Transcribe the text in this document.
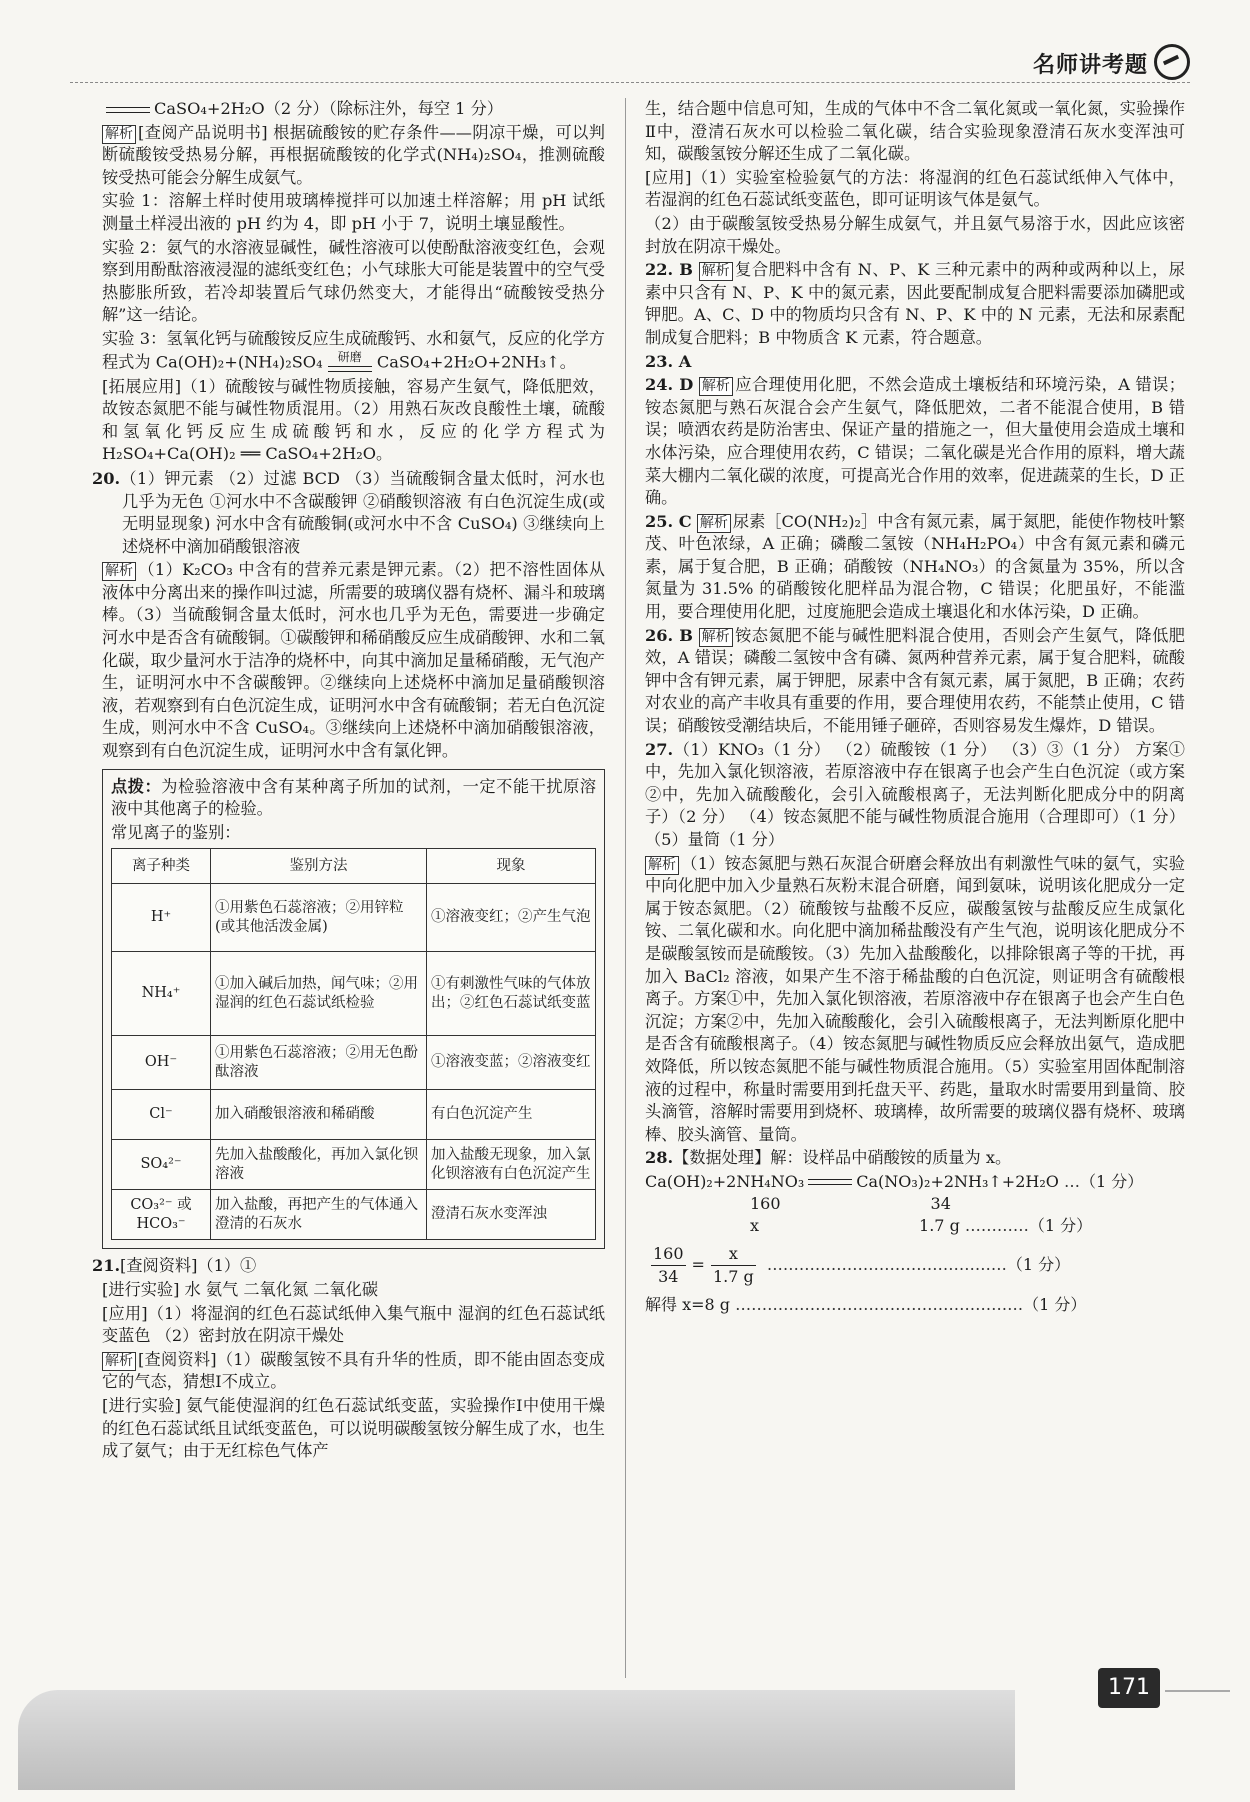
名师讲考题

CaSO₄+2H₂O（2 分）（除标注外，每空 1 分）

解析 [查阅产品说明书] 根据硫酸铵的贮存条件——阴凉干燥，可以判断硫酸铵受热易分解，再根据硫酸铵的化学式(NH₄)₂SO₄，推测硫酸铵受热可能会分解生成氨气。

实验 1：溶解土样时使用玻璃棒搅拌可以加速土样溶解；用 pH 试纸测量土样浸出液的 pH 约为 4，即 pH 小于 7，说明土壤显酸性。

实验 2：氨气的水溶液显碱性，碱性溶液可以使酚酞溶液变红色，会观察到用酚酞溶液浸湿的滤纸变红色；小气球胀大可能是装置中的空气受热膨胀所致，若冷却装置后气球仍然变大，才能得出“硫酸铵受热分解”这一结论。

实验 3：氢氧化钙与硫酸铵反应生成硫酸钙、水和氨气，反应的化学方程式为 Ca(OH)₂+(NH₄)₂SO₄ 研磨 CaSO₄+2H₂O+2NH₃↑。

[拓展应用]（1）硫酸铵与碱性物质接触，容易产生氨气，降低肥效，故铵态氮肥不能与碱性物质混用。（2）用熟石灰改良酸性土壤，硫酸和氢氧化钙反应生成硫酸钙和水，反应的化学方程式为 H₂SO₄+Ca(OH)₂ ══ CaSO₄+2H₂O。

20.（1）钾元素 （2）过滤 BCD （3）当硫酸铜含量太低时，河水也几乎为无色 ①河水中不含碳酸钾 ②硝酸钡溶液 有白色沉淀生成(或无明显现象) 河水中含有硫酸铜(或河水中不含 CuSO₄) ③继续向上述烧杯中滴加硝酸银溶液

解析 （1）K₂CO₃ 中含有的营养元素是钾元素。（2）把不溶性固体从液体中分离出来的操作叫过滤，所需要的玻璃仪器有烧杯、漏斗和玻璃棒。（3）当硫酸铜含量太低时，河水也几乎为无色，需要进一步确定河水中是否含有硫酸铜。①碳酸钾和稀硝酸反应生成硝酸钾、水和二氧化碳，取少量河水于洁净的烧杯中，向其中滴加足量稀硝酸，无气泡产生，证明河水中不含碳酸钾。②继续向上述烧杯中滴加足量硝酸钡溶液，若观察到有白色沉淀生成，证明河水中含有硫酸铜；若无白色沉淀生成，则河水中不含 CuSO₄。③继续向上述烧杯中滴加硝酸银溶液，观察到有白色沉淀生成，证明河水中含有氯化钾。

点拨：为检验溶液中含有某种离子所加的试剂，一定不能干扰原溶液中其他离子的检验。

常见离子的鉴别：

离子种类	鉴别方法	现象
H⁺	①用紫色石蕊溶液；②用锌粒(或其他活泼金属)	①溶液变红；②产生气泡
NH₄⁺	①加入碱后加热，闻气味；②用湿润的红色石蕊试纸检验	①有刺激性气味的气体放出；②红色石蕊试纸变蓝
OH⁻	①用紫色石蕊溶液；②用无色酚酞溶液	①溶液变蓝；②溶液变红
Cl⁻	加入硝酸银溶液和稀硝酸	有白色沉淀产生
SO₄²⁻	先加入盐酸酸化，再加入氯化钡溶液	加入盐酸无现象，加入氯化钡溶液有白色沉淀产生
CO₃²⁻ 或 HCO₃⁻	加入盐酸，再把产生的气体通入澄清的石灰水	澄清石灰水变浑浊

21.[查阅资料]（1）①

[进行实验] 水 氨气 二氧化氮 二氧化碳

[应用]（1）将湿润的红色石蕊试纸伸入集气瓶中 湿润的红色石蕊试纸变蓝色 （2）密封放在阴凉干燥处

解析 [查阅资料]（1）碳酸氢铵不具有升华的性质，即不能由固态变成它的气态，猜想Ⅰ不成立。

[进行实验] 氨气能使湿润的红色石蕊试纸变蓝，实验操作Ⅰ中使用干燥的红色石蕊试纸且试纸变蓝色，可以说明碳酸氢铵分解生成了水，也生成了氨气；由于无红棕色气体产

生，结合题中信息可知，生成的气体中不含二氧化氮或一氧化氮，实验操作Ⅱ中，澄清石灰水可以检验二氧化碳，结合实验现象澄清石灰水变浑浊可知，碳酸氢铵分解还生成了二氧化碳。

[应用]（1）实验室检验氨气的方法：将湿润的红色石蕊试纸伸入气体中，若湿润的红色石蕊试纸变蓝色，即可证明该气体是氨气。

（2）由于碳酸氢铵受热易分解生成氨气，并且氨气易溶于水，因此应该密封放在阴凉干燥处。

22. B 解析 复合肥料中含有 N、P、K 三种元素中的两种或两种以上，尿素中只含有 N、P、K 中的氮元素，因此要配制成复合肥料需要添加磷肥或钾肥。A、C、D 中的物质均只含有 N、P、K 中的 N 元素，无法和尿素配制成复合肥料；B 中物质含 K 元素，符合题意。

23. A

24. D 解析 应合理使用化肥，不然会造成土壤板结和环境污染，A 错误；铵态氮肥与熟石灰混合会产生氨气，降低肥效，二者不能混合使用，B 错误；喷洒农药是防治害虫、保证产量的措施之一，但大量使用会造成土壤和水体污染，应合理使用农药，C 错误；二氧化碳是光合作用的原料，增大蔬菜大棚内二氧化碳的浓度，可提高光合作用的效率，促进蔬菜的生长，D 正确。

25. C 解析 尿素［CO(NH₂)₂］中含有氮元素，属于氮肥，能使作物枝叶繁茂、叶色浓绿，A 正确；磷酸二氢铵（NH₄H₂PO₄）中含有氮元素和磷元素，属于复合肥，B 正确；硝酸铵（NH₄NO₃）的含氮量为 35%，所以含氮量为 31.5% 的硝酸铵化肥样品为混合物，C 错误；化肥虽好，不能滥用，要合理使用化肥，过度施肥会造成土壤退化和水体污染，D 正确。

26. B 解析 铵态氮肥不能与碱性肥料混合使用，否则会产生氨气，降低肥效，A 错误；磷酸二氢铵中含有磷、氮两种营养元素，属于复合肥料，硫酸钾中含有钾元素，属于钾肥，尿素中含有氮元素，属于氮肥，B 正确；农药对农业的高产丰收具有重要的作用，要合理使用农药，不能禁止使用，C 错误；硝酸铵受潮结块后，不能用锤子砸碎，否则容易发生爆炸，D 错误。

27.（1）KNO₃（1 分） （2）硫酸铵（1 分） （3）③（1 分） 方案①中，先加入氯化钡溶液，若原溶液中存在银离子也会产生白色沉淀（或方案②中，先加入硫酸酸化，会引入硫酸根离子，无法判断化肥成分中的阴离子）（2 分） （4）铵态氮肥不能与碱性物质混合施用（合理即可）（1 分） （5）量筒（1 分）

解析 （1）铵态氮肥与熟石灰混合研磨会释放出有刺激性气味的氨气，实验中向化肥中加入少量熟石灰粉末混合研磨，闻到氨味，说明该化肥成分一定属于铵态氮肥。（2）硫酸铵与盐酸不反应，碳酸氢铵与盐酸反应生成氯化铵、二氧化碳和水。向化肥中滴加稀盐酸没有产生气泡，说明该化肥成分不是碳酸氢铵而是硫酸铵。（3）先加入盐酸酸化，以排除银离子等的干扰，再加入 BaCl₂ 溶液，如果产生不溶于稀盐酸的白色沉淀，则证明含有硫酸根离子。方案①中，先加入氯化钡溶液，若原溶液中存在银离子也会产生白色沉淀；方案②中，先加入硫酸酸化，会引入硫酸根离子，无法判断原化肥中是否含有硫酸根离子。（4）铵态氮肥与碱性物质反应会释放出氨气，造成肥效降低，所以铵态氮肥不能与碱性物质混合施用。（5）实验室用固体配制溶液的过程中，称量时需要用到托盘天平、药匙，量取水时需要用到量筒、胶头滴管，溶解时需要用到烧杯、玻璃棒，故所需要的玻璃仪器有烧杯、玻璃棒、胶头滴管、量筒。

28.【数据处理】解：设样品中硝酸铵的质量为 x。

Ca(OH)₂+2NH₄NO₃	Ca(NO₃)₂+2NH₃↑+2H₂O …（1 分）
160	34
x	1.7 g …………（1 分）
$\frac{160}{34} = \frac{x}{1.7 g}$ ………………………………………（1 分）
解得 x=8 g ………………………………………………（1 分）
171
